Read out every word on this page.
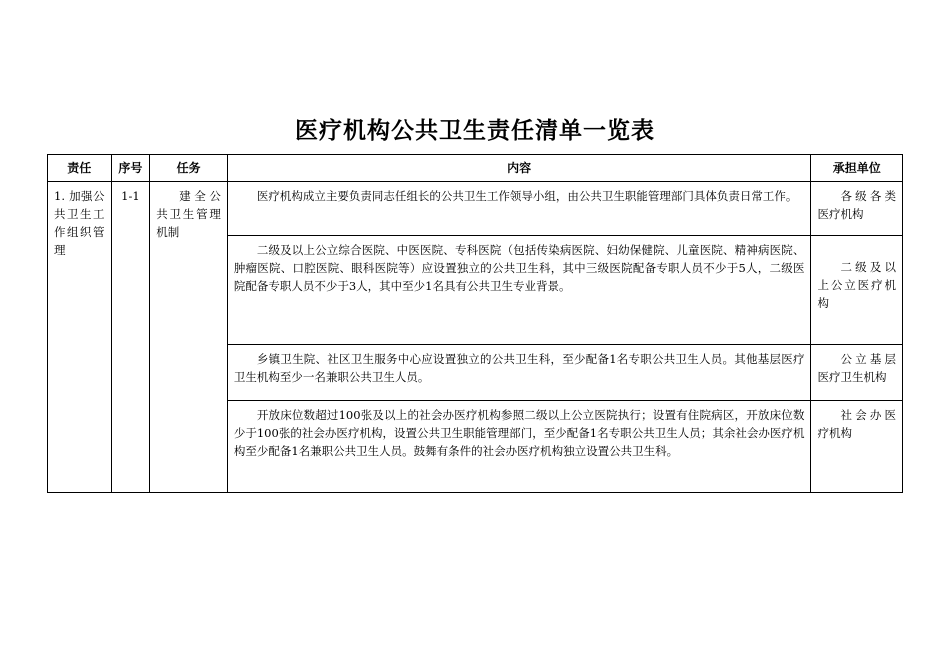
医疗机构公共卫生责任清单一览表
责任	序号	任务	内容	承担单位
1. 加强公共卫生工作组织管理	1-1	建全公共卫生管理机制	医疗机构成立主要负责同志任组长的公共卫生工作领导小组，由公共卫生职能管理部门具体负责日常工作。	各级各类医疗机构
			二级及以上公立综合医院、中医医院、专科医院（包括传染病医院、妇幼保健院、儿童医院、精神病医院、肿瘤医院、口腔医院、眼科医院等）应设置独立的公共卫生科，其中三级医院配备专职人员不少于5人，二级医院配备专职人员不少于3人，其中至少1名具有公共卫生专业背景。	二级及以上公立医疗机构
			乡镇卫生院、社区卫生服务中心应设置独立的公共卫生科，至少配备1名专职公共卫生人员。其他基层医疗卫生机构至少一名兼职公共卫生人员。	公立基层医疗卫生机构
			开放床位数超过100张及以上的社会办医疗机构参照二级以上公立医院执行；设置有住院病区，开放床位数少于100张的社会办医疗机构，设置公共卫生职能管理部门，至少配备1名专职公共卫生人员；其余社会办医疗机构至少配备1名兼职公共卫生人员。鼓舞有条件的社会办医疗机构独立设置公共卫生科。	社会办医疗机构
